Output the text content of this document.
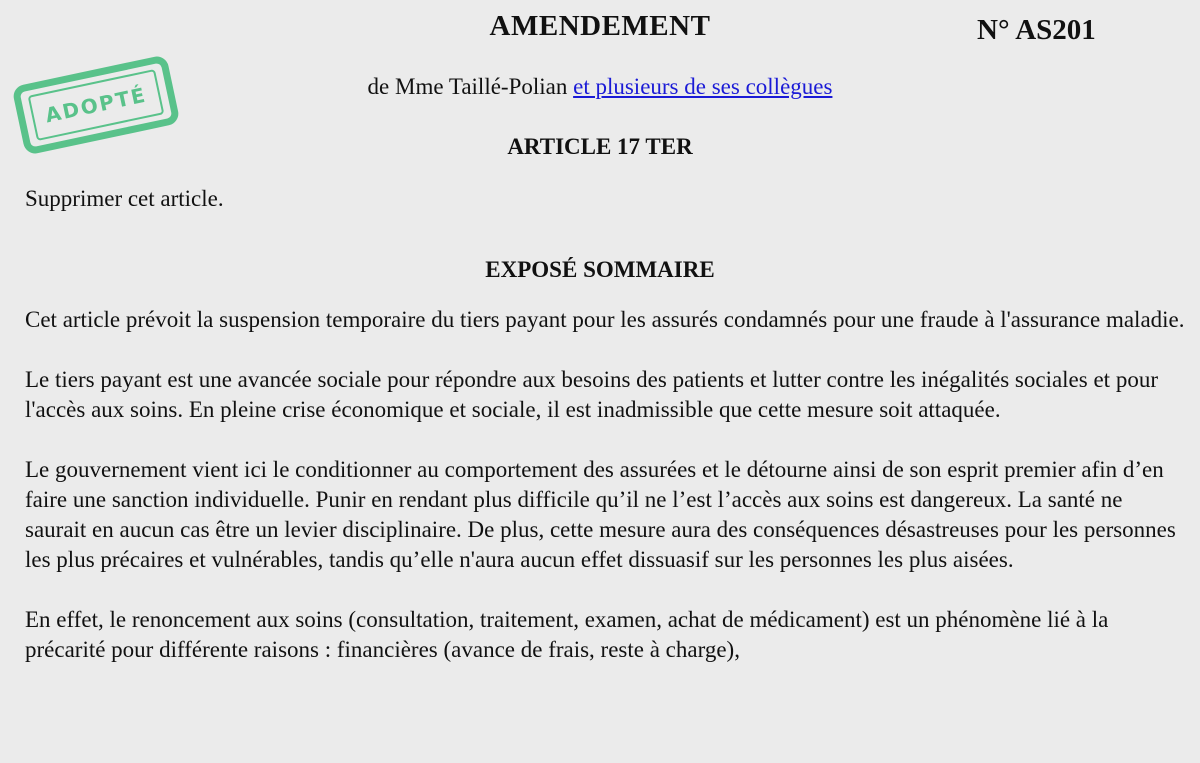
AMENDEMENT	N° AS201
ADOPTÉ	de Mme Taillé-Polian et plusieurs de ses collègues
ARTICLE 17 TER
Supprimer cet article.
EXPOSÉ SOMMAIRE

Cet article prévoit la suspension temporaire du tiers payant pour les assurés condamnés pour une fraude à l'assurance maladie.

Le tiers payant est une avancée sociale pour répondre aux besoins des patients et lutter contre les inégalités sociales et pour l'accès aux soins. En pleine crise économique et sociale, il est inadmissible que cette mesure soit attaquée.

Le gouvernement vient ici le conditionner au comportement des assurées et le détourne ainsi de son esprit premier afin d’en faire une sanction individuelle. Punir en rendant plus difficile qu’il ne l’est l’accès aux soins est dangereux. La santé ne saurait en aucun cas être un levier disciplinaire. De plus, cette mesure aura des conséquences désastreuses pour les personnes les plus précaires et vulnérables, tandis qu’elle n'aura aucun effet dissuasif sur les personnes les plus aisées.

En effet, le renoncement aux soins (consultation, traitement, examen, achat de médicament) est un phénomène lié à la précarité pour différente raisons : financières (avance de frais, reste à charge),
